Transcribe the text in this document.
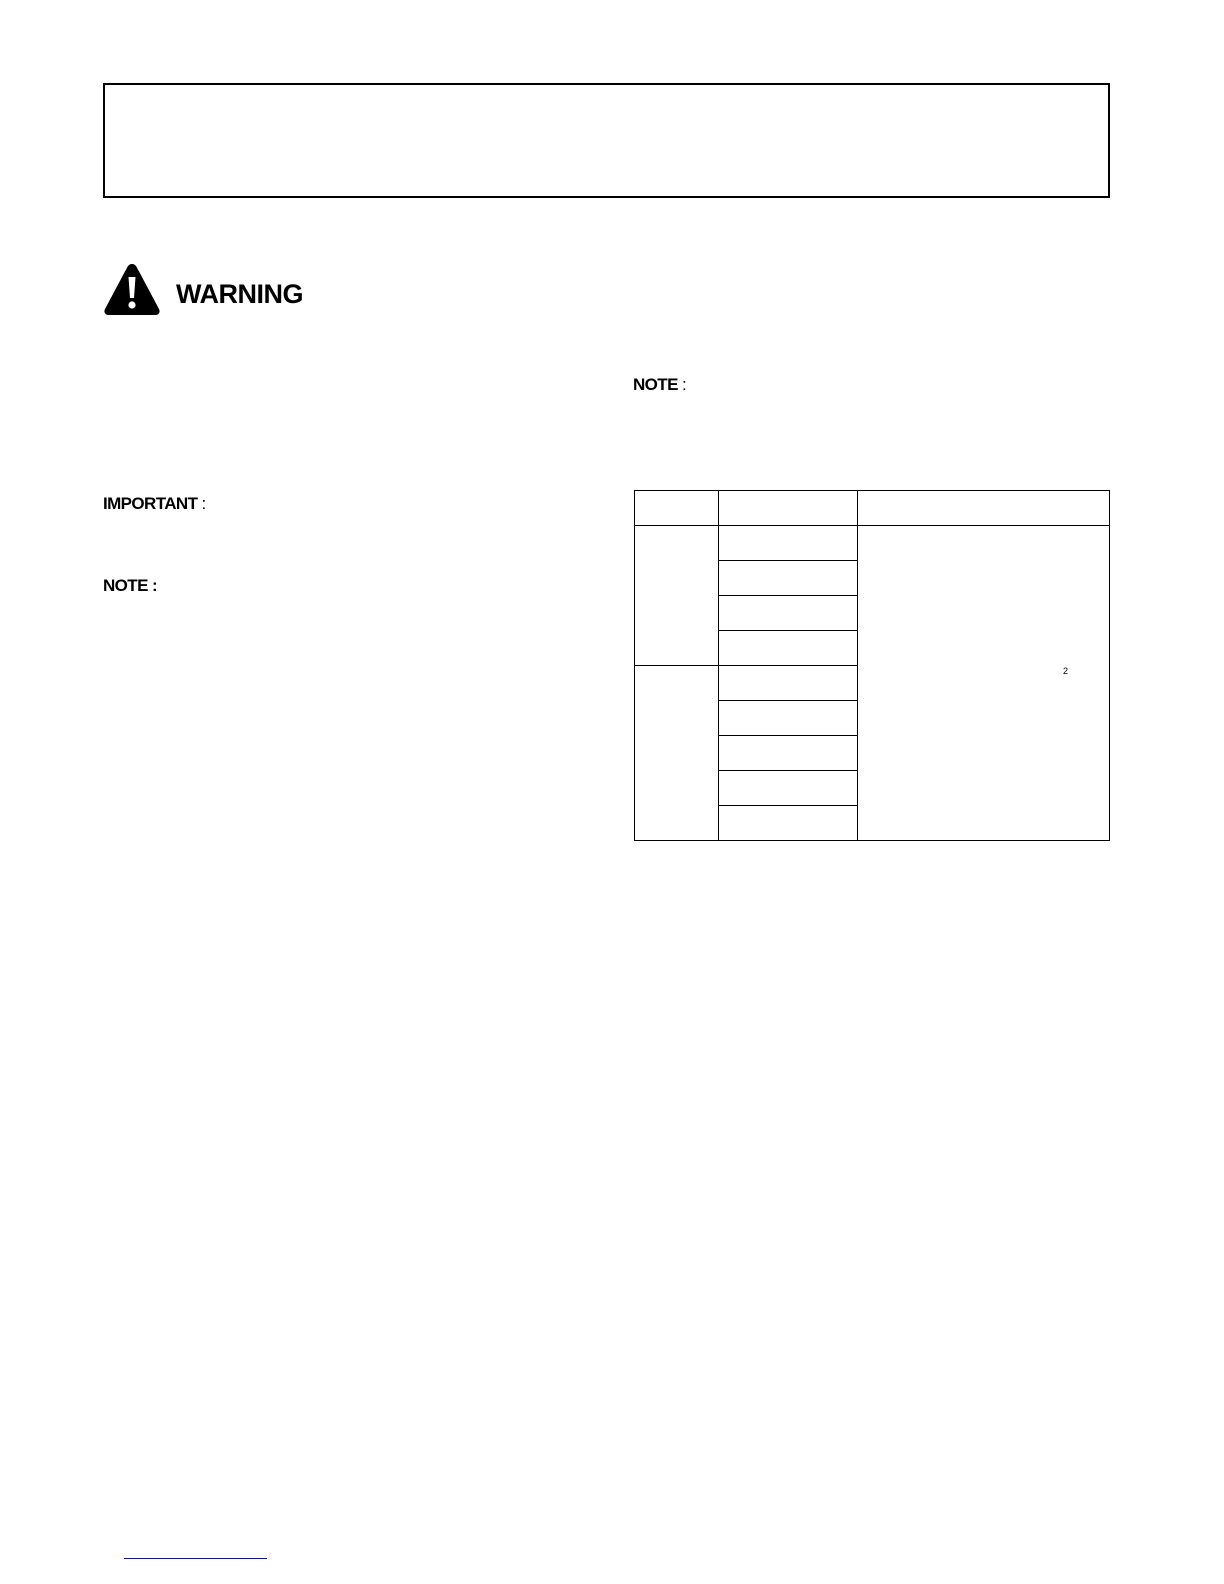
WARNING
NOTE :
IMPORTANT :
NOTE :

		2
